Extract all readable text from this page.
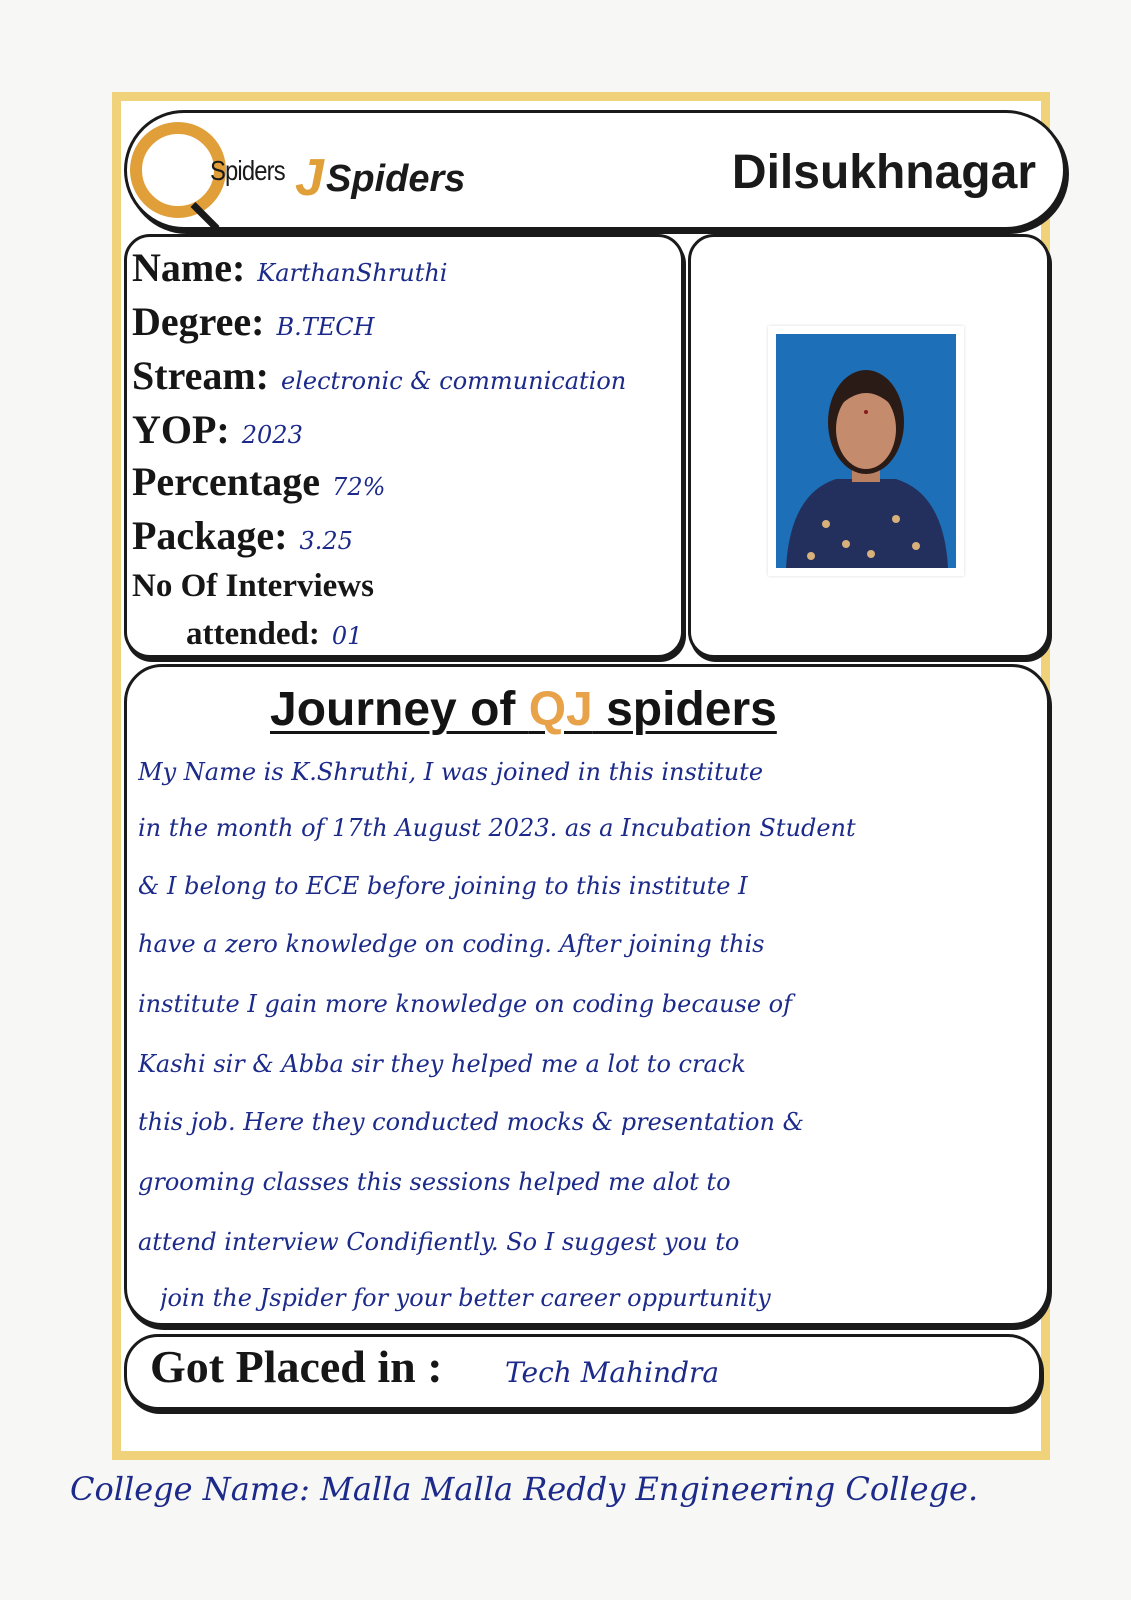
Spiders J Spiders	Dilsukhnagar
Name: KarthanShruthi
Degree: B.TECH
Stream: electronic & communication
YOP: 2023
Percentage 72%
Package: 3.25
No Of Interviews
attended: 01
Journey of QJ spiders
My Name is K.Shruthi, I was joined in this institute
in the month of 17th August 2023. as a Incubation Student
& I belong to ECE before joining to this institute I
have a zero knowledge on coding. After joining this
institute I gain more knowledge on coding because of
Kashi sir & Abba sir they helped me a lot to crack
this job. Here they conducted mocks & presentation &
grooming classes this sessions helped me alot to
attend interview Condifiently. So I suggest you to
join the Jspider for your better career oppurtunity
Got Placed in : Tech Mahindra
College Name: Malla Malla Reddy Engineering College.
